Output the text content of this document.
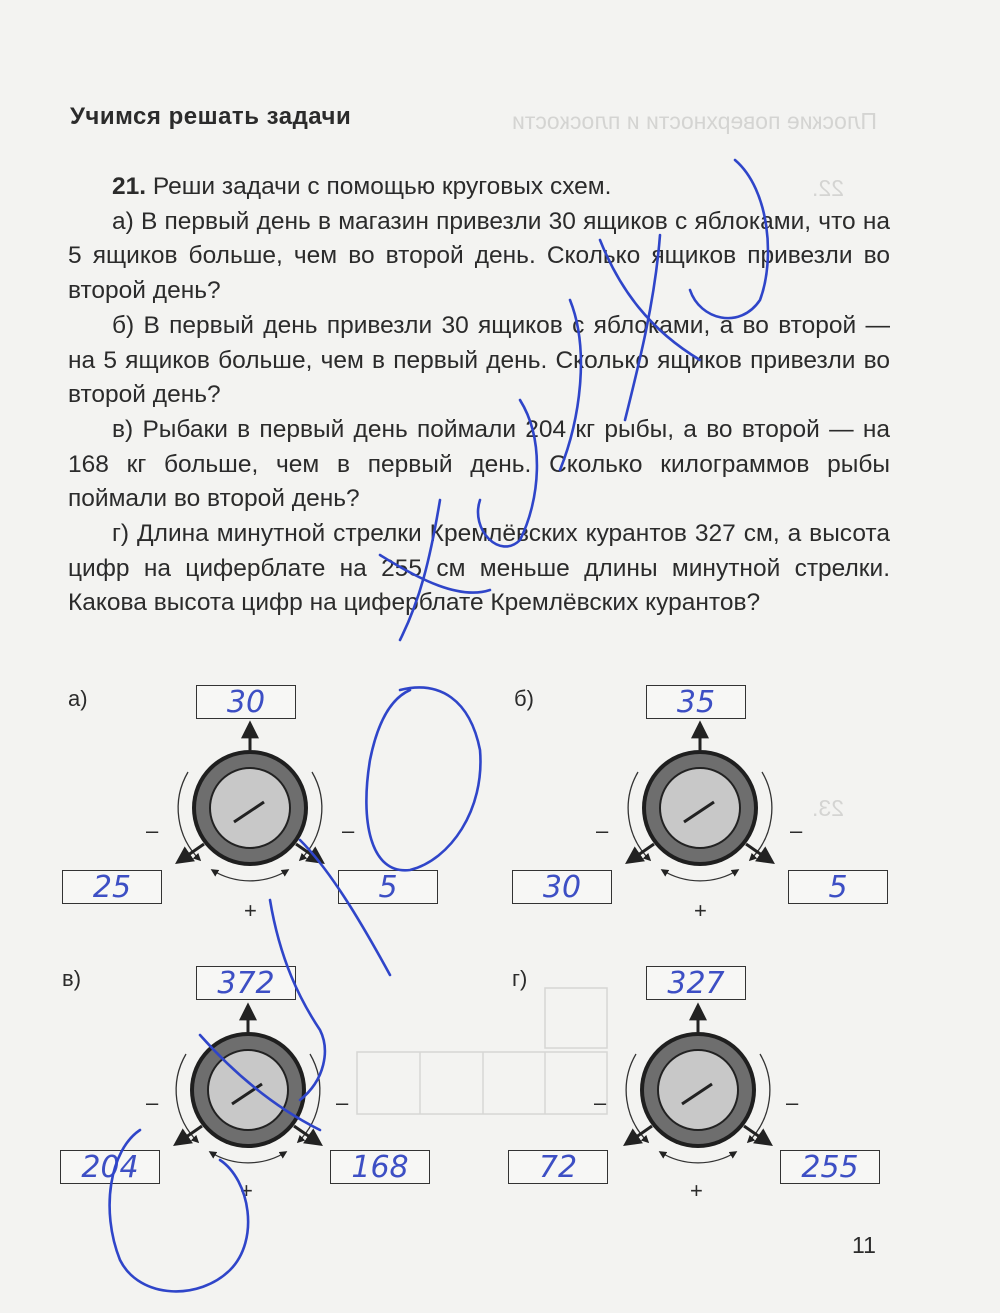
Плоские поверхности и плоскости
22.
23.
Учимся решать задачи

21. Реши задачи с помощью круговых схем.

а) В первый день в магазин привезли 30 ящиков с яблоками, что на 5 ящиков больше, чем во второй день. Сколько ящиков привезли во второй день?

б) В первый день привезли 30 ящиков с яблоками, а во второй — на 5 ящиков больше, чем в первый день. Сколько ящиков привезли во второй день?

в) Рыбаки в первый день поймали 204 кг рыбы, а во второй — на 168 кг больше, чем в первый день. Сколько килограммов рыбы поймали во второй день?

г) Длина минутной стрелки Кремлёвских курантов 327 см, а высота цифр на циферблате на 255 см меньше длины минутной стрелки. Какова высота цифр на циферблате Кремлёвских курантов?

а)	30
25	5
–	–
+
б)	35
30	5
–	–
+
в)	372
204	168
–	–
+
г)	327
72	255
–	–
+
11
